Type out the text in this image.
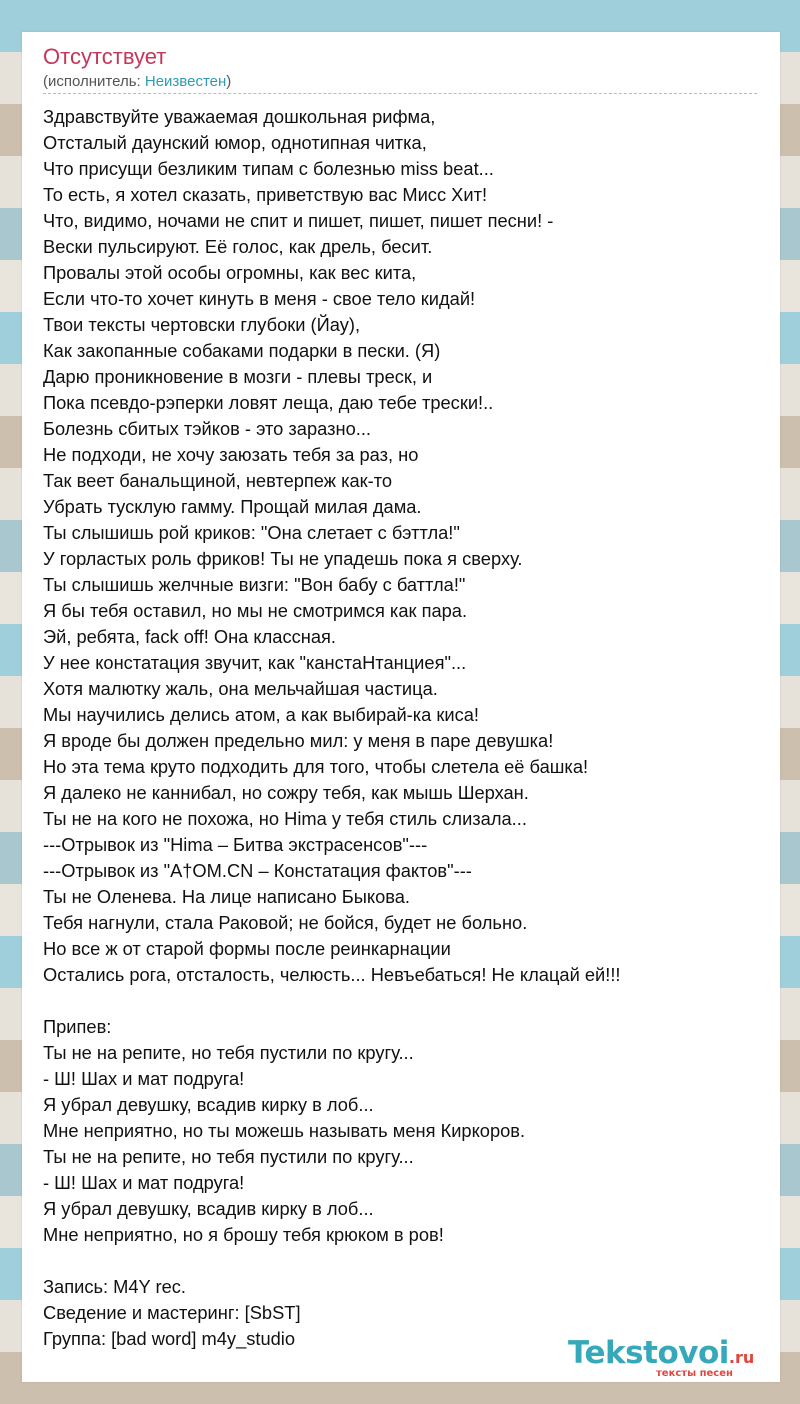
Отсутствует
(исполнитель: Неизвестен)
Здравствуйте уважаемая дошкольная рифма,
Отсталый даунский юмор, однотипная читка,
Что присущи безликим типам с болезнью miss beat...
То есть, я хотел сказать, приветствую вас Мисс Хит!
Что, видимо, ночами не спит и пишет, пишет, пишет песни! -
Вески пульсируют. Её голос, как дрель, бесит.
Провалы этой особы огромны, как вес кита,
Если что-то хочет кинуть в меня - свое тело кидай!
Твои тексты чертовски глубоки (Йау),
Как закопанные собаками подарки в пески. (Я)
Дарю проникновение в мозги - плевы треск, и
Пока псевдо-рэперки ловят леща, даю тебе трески!..
Болезнь сбитых тэйков - это заразно...
Не подходи, не хочу заюзать тебя за раз, но
Так веет банальщиной, невтерпеж как-то
Убрать тусклую гамму. Прощай милая дама.
Ты слышишь рой криков: "Она слетает с бэттла!"
У горластых роль фриков! Ты не упадешь пока я сверху.
Ты слышишь желчные визги: "Вон бабу с баттла!"
Я бы тебя оставил, но мы не смотримся как пара.
Эй, ребята, fack off! Она классная.
У нее констатация звучит, как "канстаНтанциея"...
Хотя малютку жаль, она мельчайшая частица.
Мы научились делись атом, а как выбирай-ка киса!
Я вроде бы должен предельно мил: у меня в паре девушка!
Но эта тема круто подходить для того, чтобы слетела её башка!
Я далеко не каннибал, но сожру тебя, как мышь Шерхан.
Ты не на кого не похожа, но Hima у тебя стиль слизала...
---Отрывок из "Hima – Битва экстрасенсов"---
---Отрывок из "A†OM.CN – Констатация фактов"---
Ты не Оленева. На лице написано Быкова.
Тебя нагнули, стала Раковой; не бойся, будет не больно.
Но все ж от старой формы после реинкарнации
Остались рога, отсталость, челюсть... Невъебаться! Не клацай ей!!!

Припев:
Ты не на репите, но тебя пустили по кругу...
- Ш! Шах и мат подруга!
Я убрал девушку, всадив кирку в лоб...
Мне неприятно, но ты можешь называть меня Киркоров.
Ты не на репите, но тебя пустили по кругу...
- Ш! Шах и мат подруга!
Я убрал девушку, всадив кирку в лоб...
Мне неприятно, но я брошу тебя крюком в ров!

Запись: M4Y rec.
Сведение и мастеринг: [SbST]
Группа: [bad word] m4y_studio	Tekstovoi.ru
тексты песен
